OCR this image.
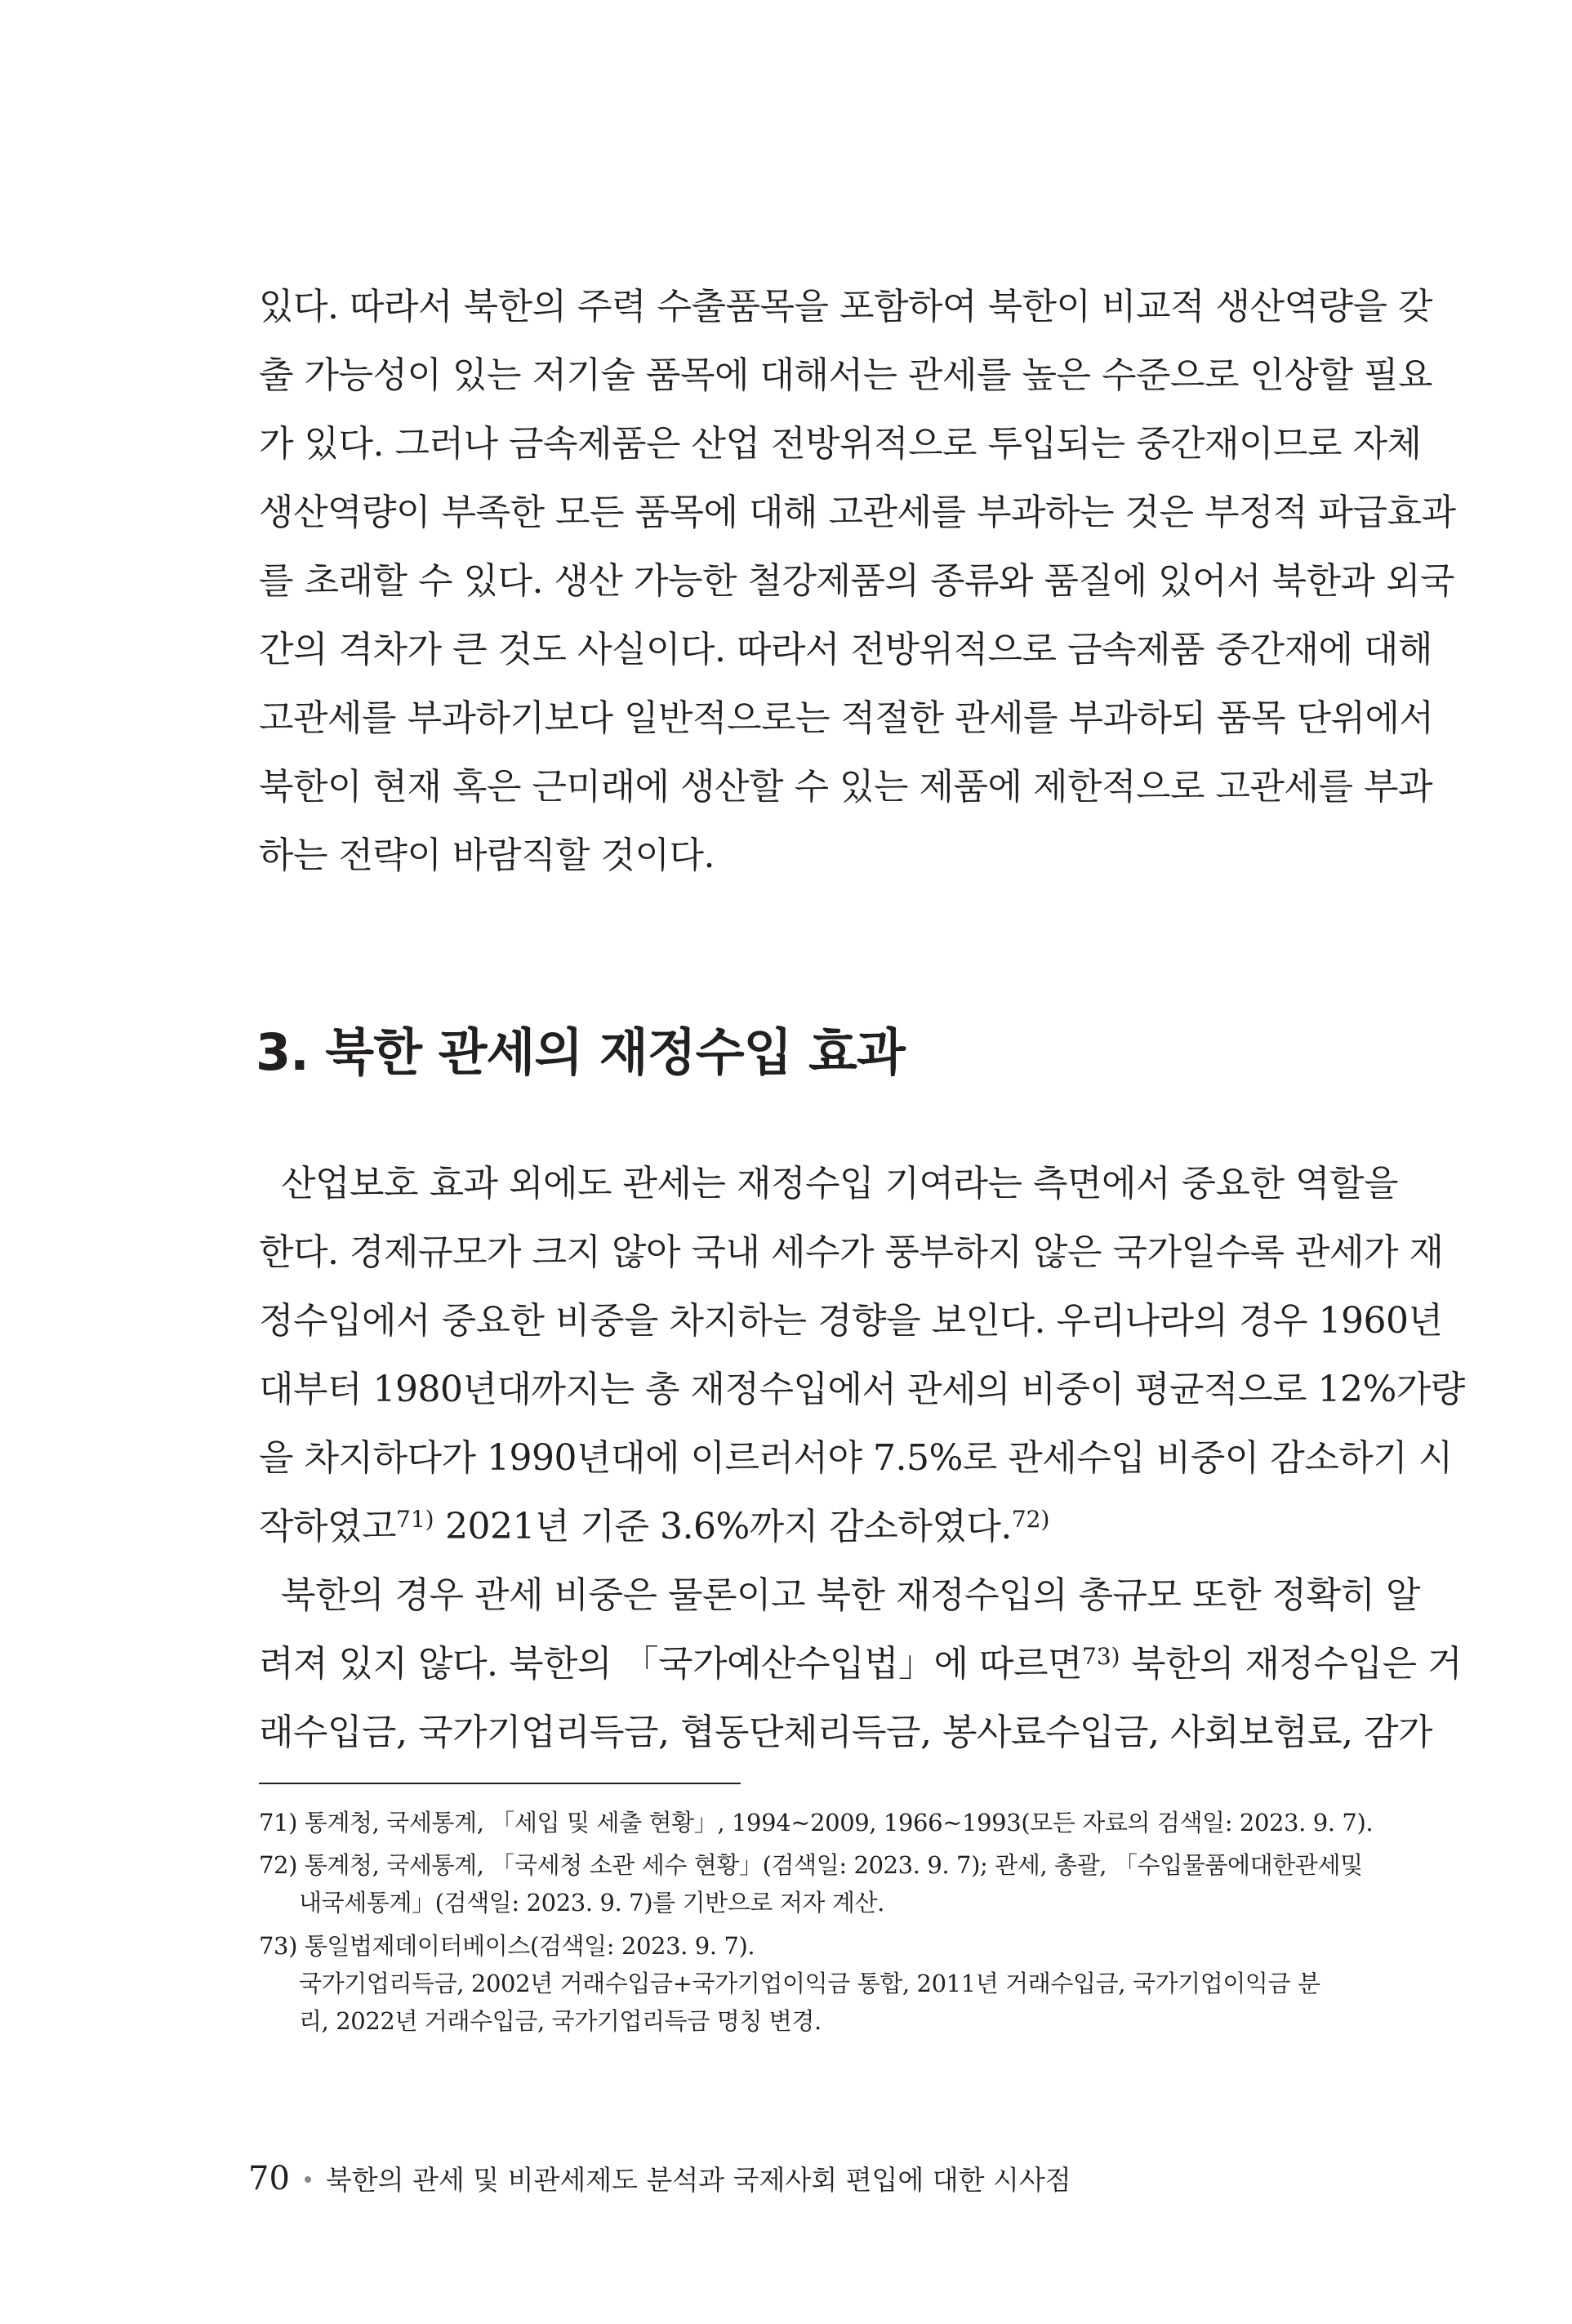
있다. 따라서 북한의 주력 수출품목을 포함하여 북한이 비교적 생산역량을 갖
출 가능성이 있는 저기술 품목에 대해서는 관세를 높은 수준으로 인상할 필요
가 있다. 그러나 금속제품은 산업 전방위적으로 투입되는 중간재이므로 자체
생산역량이 부족한 모든 품목에 대해 고관세를 부과하는 것은 부정적 파급효과
를 초래할 수 있다. 생산 가능한 철강제품의 종류와 품질에 있어서 북한과 외국
간의 격차가 큰 것도 사실이다. 따라서 전방위적으로 금속제품 중간재에 대해
고관세를 부과하기보다 일반적으로는 적절한 관세를 부과하되 품목 단위에서
북한이 현재 혹은 근미래에 생산할 수 있는 제품에 제한적으로 고관세를 부과
하는 전략이 바람직할 것이다.
3. 북한 관세의 재정수입 효과
산업보호 효과 외에도 관세는 재정수입 기여라는 측면에서 중요한 역할을
한다. 경제규모가 크지 않아 국내 세수가 풍부하지 않은 국가일수록 관세가 재
정수입에서 중요한 비중을 차지하는 경향을 보인다. 우리나라의 경우 1960년
대부터 1980년대까지는 총 재정수입에서 관세의 비중이 평균적으로 12%가량
을 차지하다가 1990년대에 이르러서야 7.5%로 관세수입 비중이 감소하기 시
작하였고$^{71)}$ 2021년 기준 3.6%까지 감소하였다.$^{72)}$
북한의 경우 관세 비중은 물론이고 북한 재정수입의 총규모 또한 정확히 알
려져 있지 않다. 북한의 「국가예산수입법」에 따르면$^{73)}$ 북한의 재정수입은 거
래수입금, 국가기업리득금, 협동단체리득금, 봉사료수입금, 사회보험료, 감가
71) 통계청, 국세통계, 「세입 및 세출 현황」, 1994~2009, 1966~1993(모든 자료의 검색일: 2023. 9. 7).
72) 통계청, 국세통계, 「국세청 소관 세수 현황」(검색일: 2023. 9. 7); 관세, 총괄, 「수입물품에대한관세및
내국세통계」(검색일: 2023. 9. 7)를 기반으로 저자 계산.
73) 통일법제데이터베이스(검색일: 2023. 9. 7).
국가기업리득금, 2002년 거래수입금+국가기업이익금 통합, 2011년 거래수입금, 국가기업이익금 분
리, 2022년 거래수입금, 국가기업리득금 명칭 변경.
70 북한의 관세 및 비관세제도 분석과 국제사회 편입에 대한 시사점
